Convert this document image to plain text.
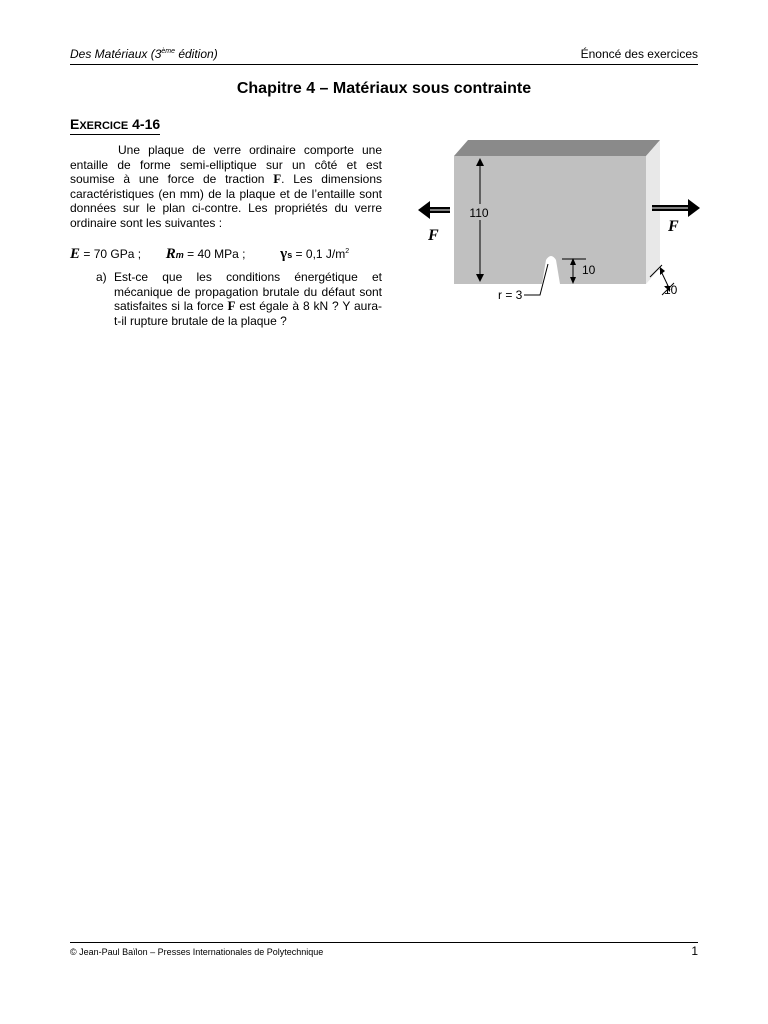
Des Matériaux (3ème édition)	Énoncé des exercices
Chapitre 4 – Matériaux sous contrainte
EXERCICE 4-16
Une plaque de verre ordinaire comporte une entaille de forme semi-elliptique sur un côté et est soumise à une force de traction F. Les dimensions caractéristiques (en mm) de la plaque et de l’entaille sont données sur le plan ci-contre. Les propriétés du verre ordinaire sont les suivantes :
E = 70 GPa ; Rm = 40 MPa ; γs = 0,1 $J/m^2$
a) Est-ce que les conditions énergétique et mécanique de propagation brutale du défaut sont satisfaites si la force F est égale à 8 kN ? Y aura-t-il rupture brutale de la plaque ?
110
10
10
r = 3
F
F
© Jean-Paul Baïlon – Presses Internationales de Polytechnique	1
